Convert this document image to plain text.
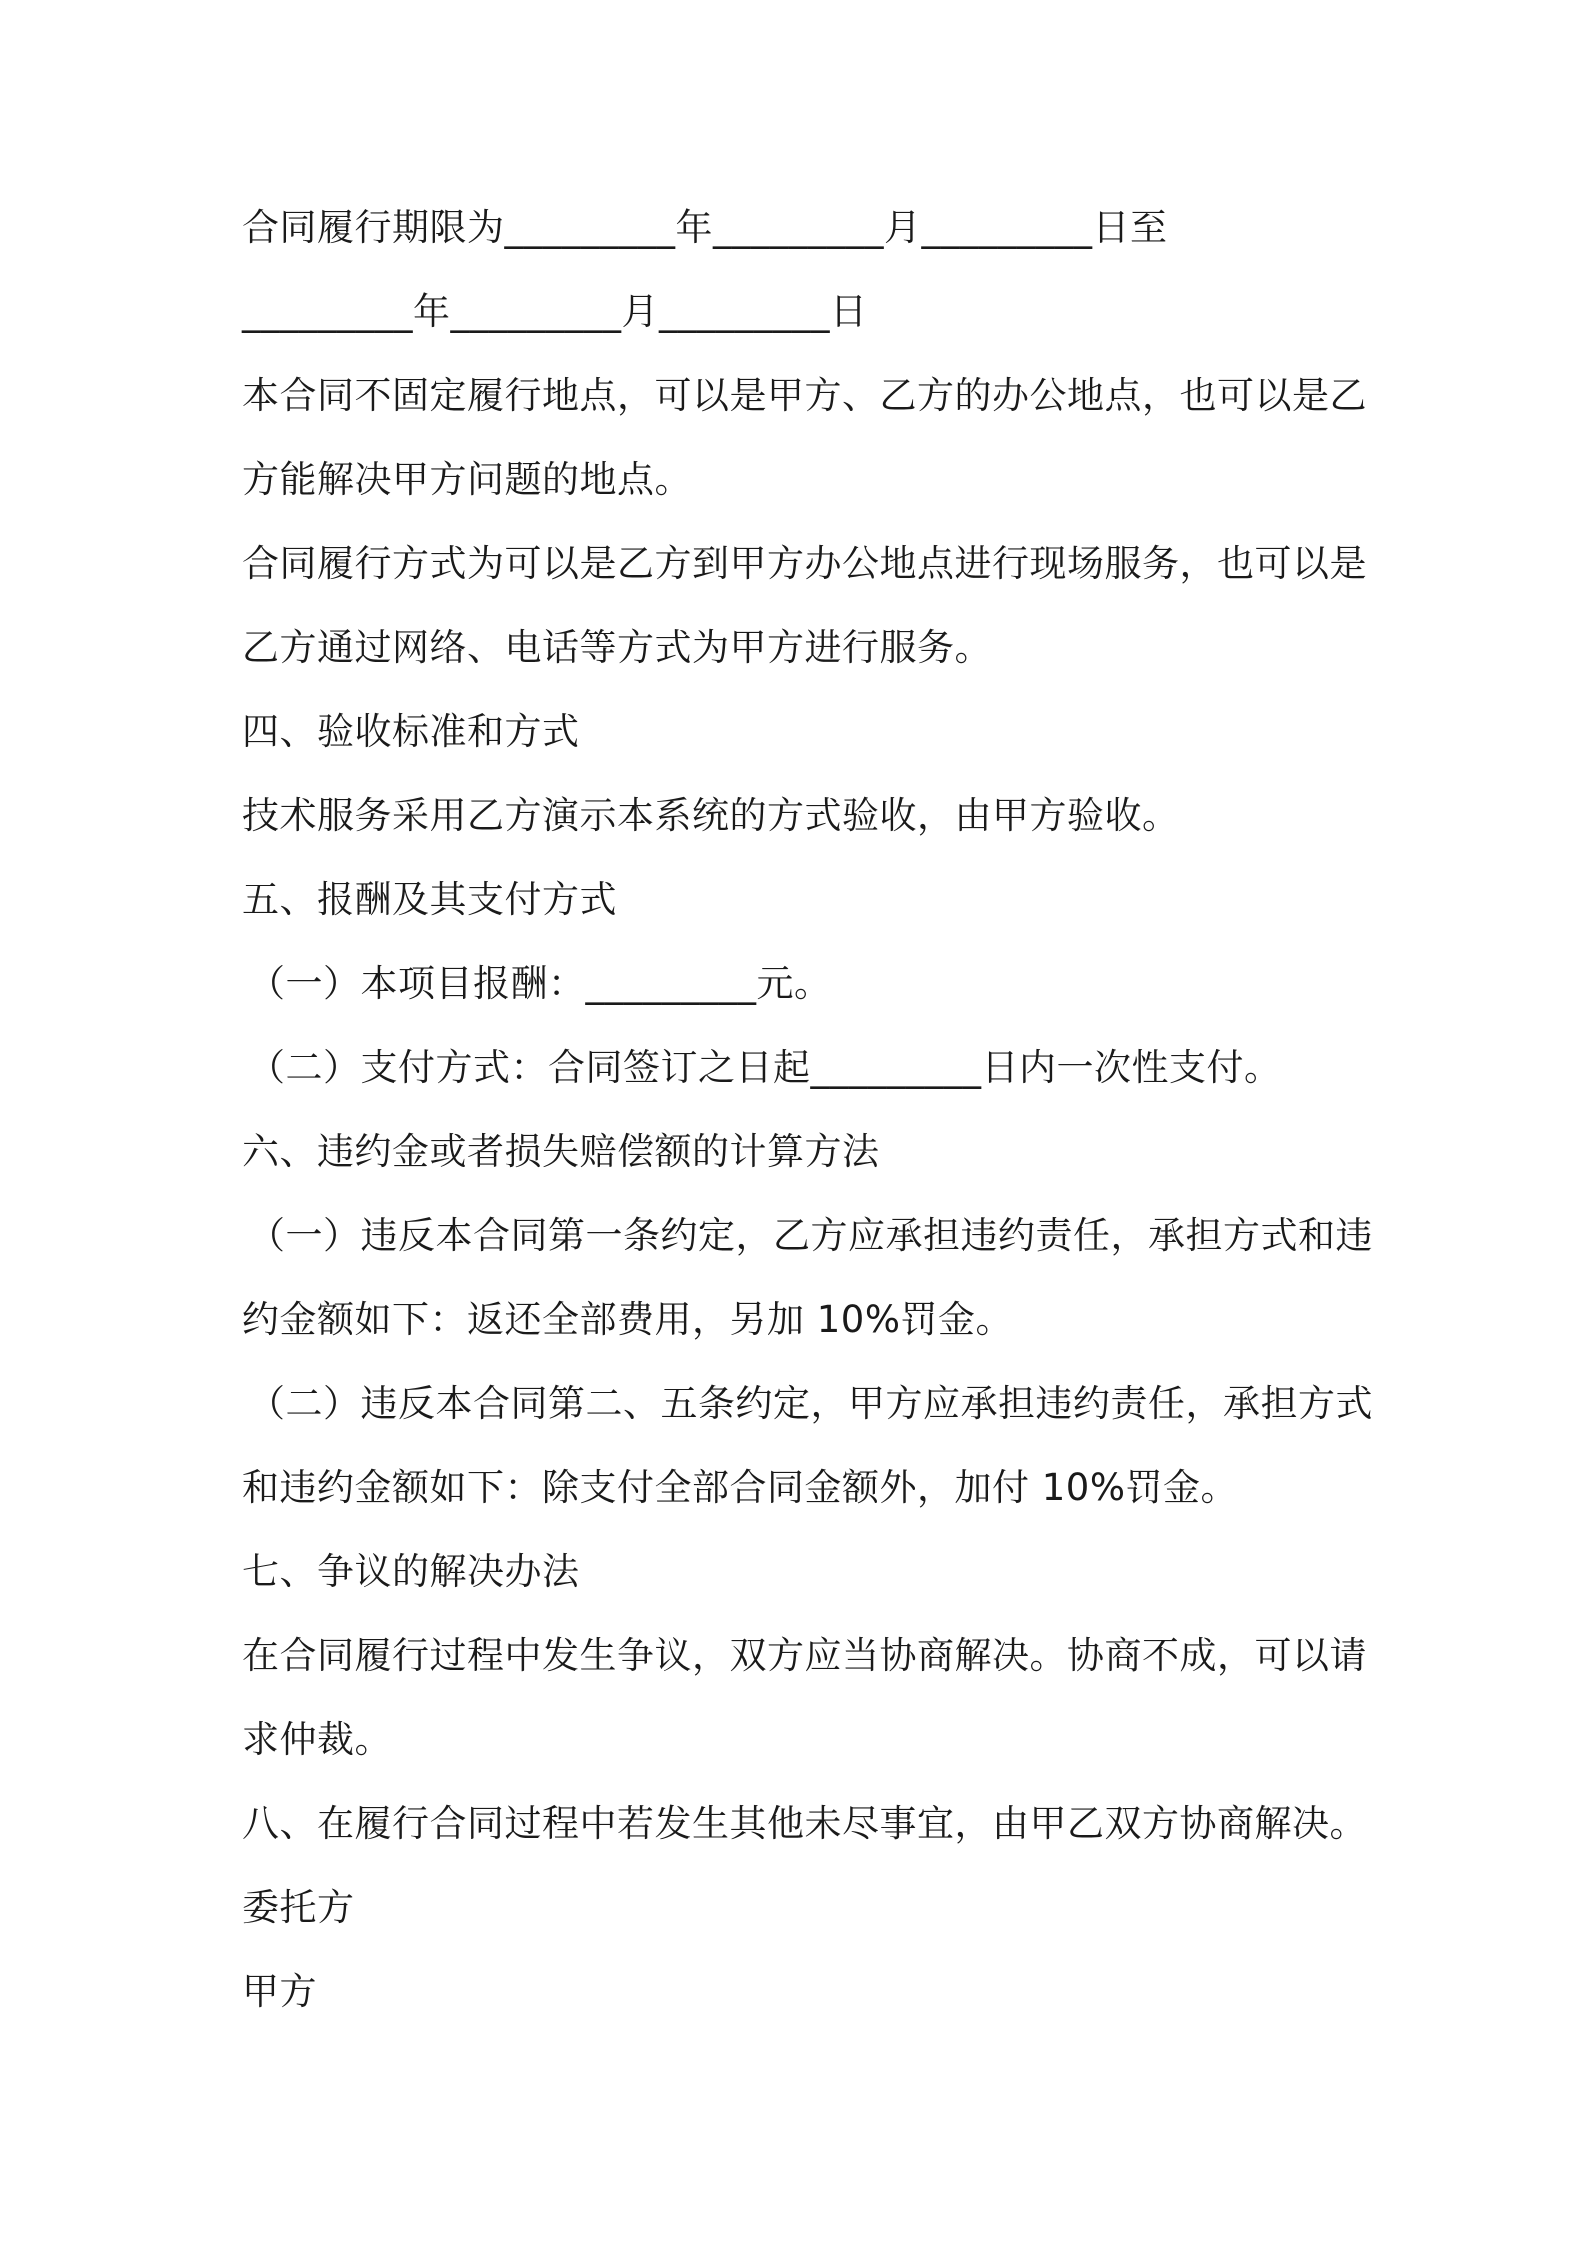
合同履行期限为_________年_________月_________日至
_________年_________月_________日
本合同不固定履行地点，可以是甲方、乙方的办公地点，也可以是乙
方能解决甲方问题的地点。
合同履行方式为可以是乙方到甲方办公地点进行现场服务，也可以是
乙方通过网络、电话等方式为甲方进行服务。
四、验收标准和方式
技术服务采用乙方演示本系统的方式验收，由甲方验收。
五、报酬及其支付方式
（一）本项目报酬：_________元。
（二）支付方式：合同签订之日起_________日内一次性支付。
六、违约金或者损失赔偿额的计算方法
（一）违反本合同第一条约定，乙方应承担违约责任，承担方式和违
约金额如下：返还全部费用，另加 10%罚金。
（二）违反本合同第二、五条约定，甲方应承担违约责任，承担方式
和违约金额如下：除支付全部合同金额外，加付 10%罚金。
七、争议的解决办法
在合同履行过程中发生争议，双方应当协商解决。协商不成，可以请
求仲裁。
八、在履行合同过程中若发生其他未尽事宜，由甲乙双方协商解决。
委托方
甲方
